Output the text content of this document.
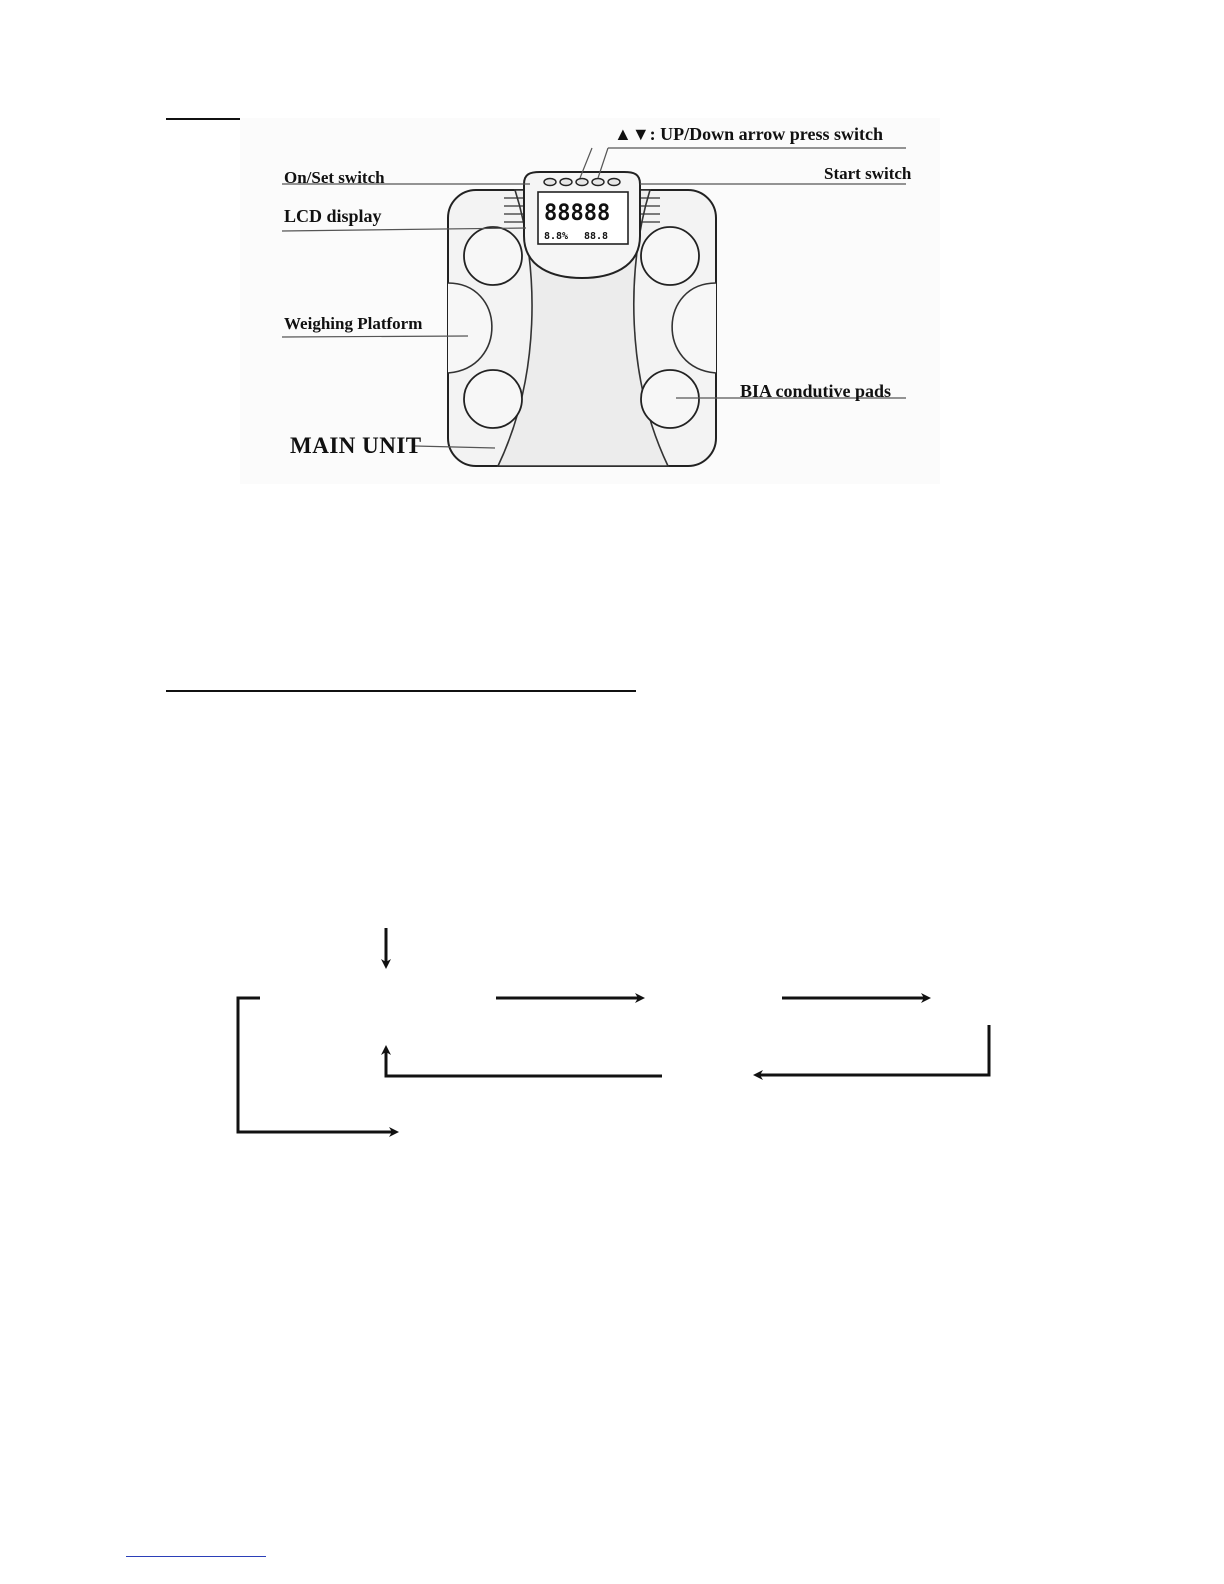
88888
8.8% 88.8
▲▼: UP/Down arrow press switch
On/Set switch	Start switch
LCD display
Weighing Platform
BIA condutive pads
MAIN UNIT
